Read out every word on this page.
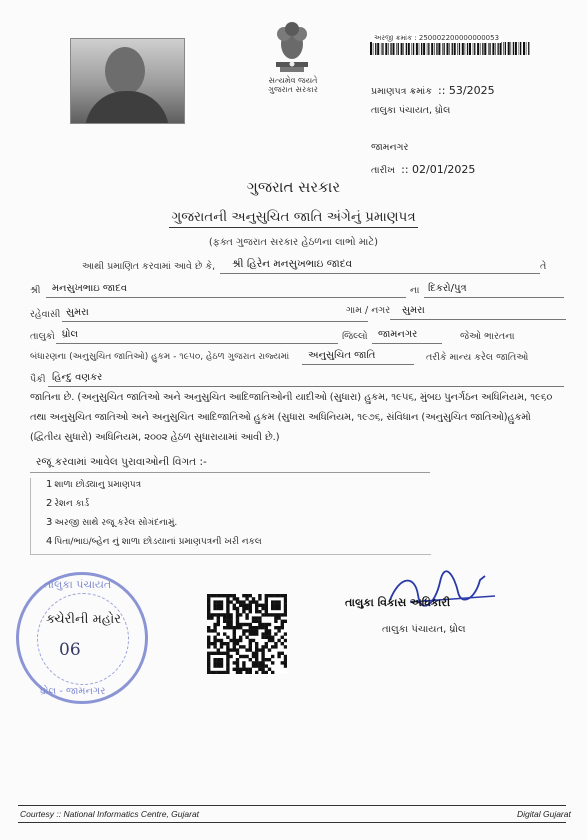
સત્યમેવ જયતે
ગુજરાત સરકાર
અરજી ક્રમાંક : 250002200000000053
પ્રમાણપત્ર ક્રમાંક :: 53/2025
તાલુકા પંચાયત, ધ્રોલ
જામનગર
તારીખ :: 02/01/2025
ગુજરાત સરકાર
ગુજરાતની અનુસુચિત જાતિ અંગેનું પ્રમાણપત્ર
(ફક્ત ગુજરાત સરકાર હેઠળના લાભો માટે)
આથી પ્રમાણિત કરવામાં આવે છે કે, શ્રી હિરેન મનસુખભાઇ જાદવ	તે
શ્રી મનસુખભાઇ જાદવ	ના દિકરો/પુત્ર
રહેવાસી સુમરા	ગામ / નગર સુમરા
તાલુકો ધ્રોલ	જિલ્લો જામનગર	જેઓ ભારતના
બંધારણના (અનુસુચિત જાતિઓ) હુકમ - ૧૯૫૦, હેઠળ ગુજરાત રાજ્યમાં અનુસુચિત જાતિ	તરીકે માન્ય કરેલ જાતિઓ
પૈકી હિન્દુ વણકર
જાતિના છે. (અનુસુચિત જાતિઓ અને અનુસુચિત આદિજાતિઓની યાદીઓ (સુધારા) હુકમ, ૧૯૫૬, મુંબઇ પુનર્ગઠન અધિનિયમ, ૧૯૬૦ તથા અનુસુચિત જાતિઓ અને અનુસુચિત આદિજાતિઓ હુકમ (સુધારા અધિનિયમ, ૧૯૭૬, સંવિધાન (અનુસુચિત જાતિઓ)હુકમો (દ્વિતીય સુધારો) અધિનિયમ, ૨૦૦૨ હેઠળ સુધારાયામાં આવી છે.)
રજૂ કરવામાં આવેલ પુરાવાઓની વિગત :-
1 શાળા છોડ્યાનુ પ્રમાણપત્ર
2 રેશન કાર્ડ
3 અરજી સાથે રજૂ કરેલ સોગંદનામું.
4 પિતા/ભાઇ/બ્હેન નું શાળા છોડયાનાં પ્રમાણપત્રની ખરી નકલ
તાલુકા પંચાયત
ધ્રોલ - જામનગર
ક્ચેરીની મહોર
06
તાલુકા વિકાસ અધિકારી
તાલુકા પંચાયત, ધ્રોલ
Courtesy :: National Informatics Centre, Gujarat	Digital Gujarat
